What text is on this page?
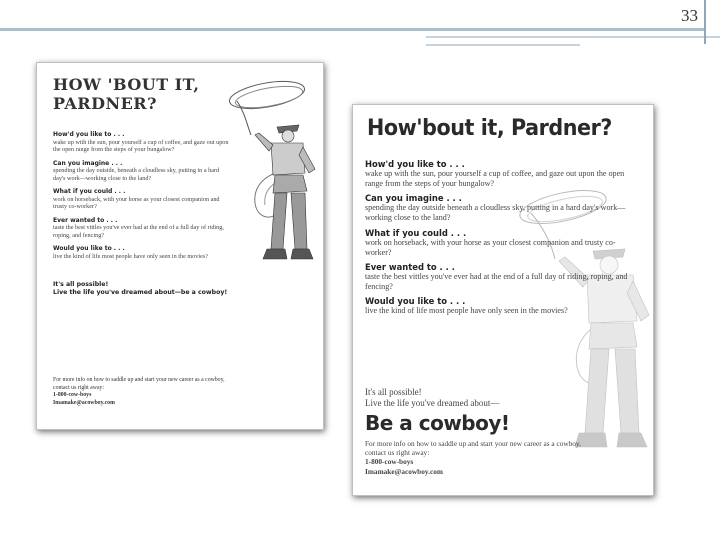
33
HOW 'BOUT IT,
PARDNER?
How'd you like to . . .
wake up with the sun, pour yourself a cup of coffee, and gaze out upon the open range from the steps of your bungalow?
Can you imagine . . .
spending the day outside, beneath a cloudless sky, putting in a hard day's work—working close to the land?
What if you could . . .
work on horseback, with your horse as your closest companion and trusty co-worker?
Ever wanted to . . .
taste the best vittles you've ever had at the end of a full day of riding, roping, and fencing?
Would you like to . . .
live the kind of life most people have only seen in the movies?
It's all possible!
Live the life you've dreamed about—be a cowboy!
For more info on how to saddle up and start your new career as a cowboy, contact us right away:
1-800-cow-boys
Imamake@acowboy.com
How'bout it, Pardner?
How'd you like to . . .
wake up with the sun, pour yourself a cup of coffee, and gaze out upon the open range from the steps of your bungalow?
Can you imagine . . .
spending the day outside beneath a cloudless sky, putting in a hard day's work—working close to the land?
What if you could . . .
work on horseback, with your horse as your closest companion and trusty co-worker?
Ever wanted to . . .
taste the best vittles you've ever had at the end of a full day of riding, roping, and fencing?
Would you like to . . .
live the kind of life most people have only seen in the movies?
It's all possible!
Live the life you've dreamed about—
Be a cowboy!
For more info on how to saddle up and start your new career as a cowboy, contact us right away:
1-800-cow-boys
Imamake@acowboy.com
